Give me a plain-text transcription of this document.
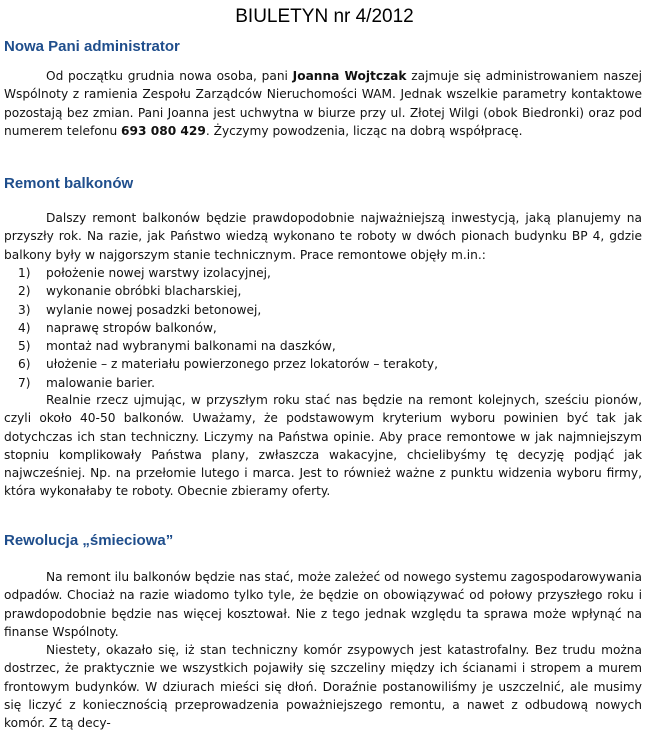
BIULETYN nr 4/2012
Nowa Pani administrator

Od początku grudnia nowa osoba, pani Joanna Wojtczak zajmuje się administrowaniem naszej Wspólnoty z ramienia Zespołu Zarządców Nieruchomości WAM. Jednak wszelkie parametry kontaktowe pozostają bez zmian. Pani Joanna jest uchwytna w biurze przy ul. Złotej Wilgi (obok Biedronki) oraz pod numerem telefonu 693 080 429. Życzymy powodzenia, licząc na dobrą współpracę.

Remont balkonów

Dalszy remont balkonów będzie prawdopodobnie najważniejszą inwestycją, jaką planujemy na przyszły rok. Na razie, jak Państwo wiedzą wykonano te roboty w dwóch pionach budynku BP 4, gdzie balkony były w najgorszym stanie technicznym. Prace remontowe objęły m.in.:

1) położenie nowej warstwy izolacyjnej,
2) wykonanie obróbki blacharskiej,
3) wylanie nowej posadzki betonowej,
4) naprawę stropów balkonów,
5) montaż nad wybranymi balkonami na daszków,
6) ułożenie – z materiału powierzonego przez lokatorów – terakoty,
7) malowanie barier.

Realnie rzecz ujmując, w przyszłym roku stać nas będzie na remont kolejnych, sześciu pionów, czyli około 40-50 balkonów. Uważamy, że podstawowym kryterium wyboru powinien być tak jak dotychczas ich stan techniczny. Liczymy na Państwa opinie. Aby prace remontowe w jak najmniejszym stopniu komplikowały Państwa plany, zwłaszcza wakacyjne, chcielibyśmy tę decyzję podjąć jak najwcześniej. Np. na przełomie lutego i marca. Jest to również ważne z punktu widzenia wyboru firmy, która wykonałaby te roboty. Obecnie zbieramy oferty.

Rewolucja „śmieciowa”

Na remont ilu balkonów będzie nas stać, może zależeć od nowego systemu zagospodarowywania odpadów. Chociaż na razie wiadomo tylko tyle, że będzie on obowiązywać od połowy przyszłego roku i prawdopodobnie będzie nas więcej kosztował. Nie z tego jednak względu ta sprawa może wpłynąć na finanse Wspólnoty.

Niestety, okazało się, iż stan techniczny komór zsypowych jest katastrofalny. Bez trudu można dostrzec, że praktycznie we wszystkich pojawiły się szczeliny między ich ścianami i stropem a murem frontowym budynków. W dziurach mieści się dłoń. Doraźnie postanowiliśmy je uszczelnić, ale musimy się liczyć z koniecznością przeprowadzenia poważniejszego remontu, a nawet z odbudową nowych komór. Z tą decy-
